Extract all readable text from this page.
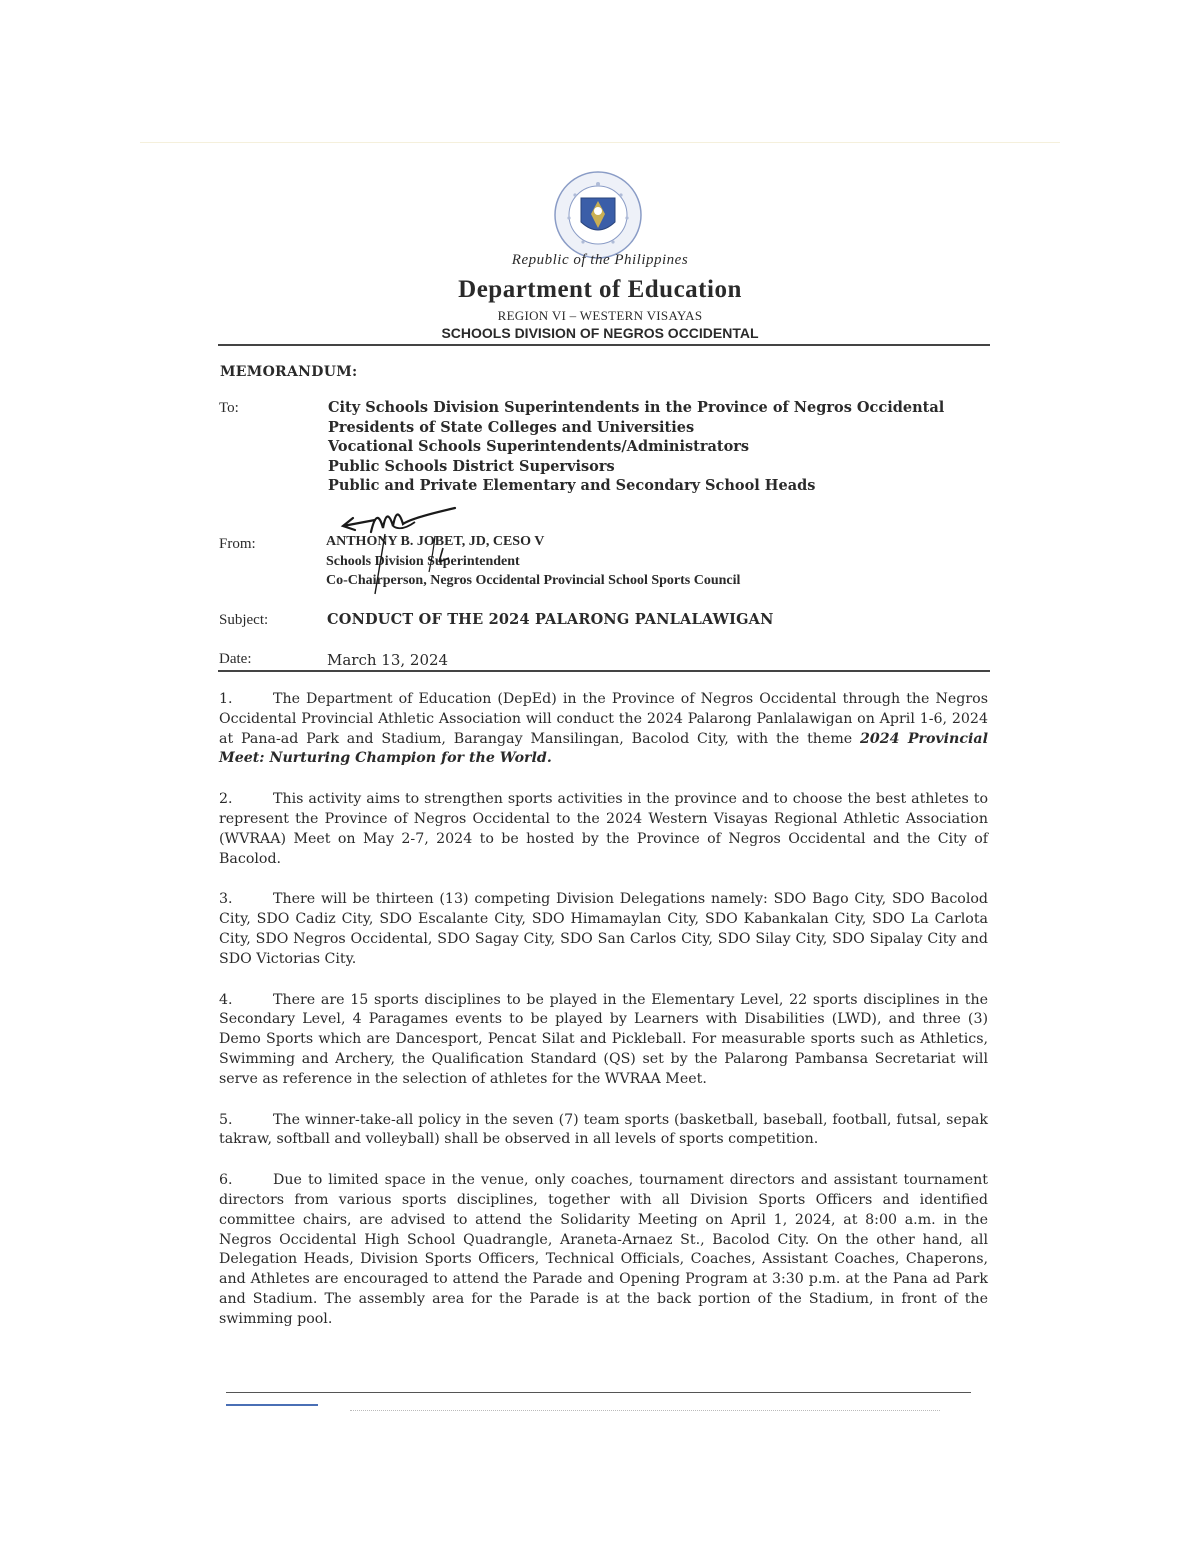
Republic of the Philippines
Department of Education
REGION VI – WESTERN VISAYAS
SCHOOLS DIVISION OF NEGROS OCCIDENTAL
MEMORANDUM:
To:	City Schools Division Superintendents in the Province of Negros Occidental
Presidents of State Colleges and Universities
Vocational Schools Superintendents/Administrators
Public Schools District Supervisors
Public and Private Elementary and Secondary School Heads
From:	ANTHONY B. JOBET, JD, CESO V
Schools Division Superintendent
Co-Chairperson, Negros Occidental Provincial School Sports Council
Subject:	CONDUCT OF THE 2024 PALARONG PANLALAWIGAN
Date:	March 13, 2024

1.	The Department of Education (DepEd) in the Province of Negros Occidental through the Negros Occidental Provincial Athletic Association will conduct the 2024 Palarong Panlalawigan on April 1-6, 2024 at Pana-ad Park and Stadium, Barangay Mansilingan, Bacolod City, with the theme 2024 Provincial Meet: Nurturing Champion for the World.

2.	This activity aims to strengthen sports activities in the province and to choose the best athletes to represent the Province of Negros Occidental to the 2024 Western Visayas Regional Athletic Association (WVRAA) Meet on May 2-7, 2024 to be hosted by the Province of Negros Occidental and the City of Bacolod.

3.	There will be thirteen (13) competing Division Delegations namely: SDO Bago City, SDO Bacolod City, SDO Cadiz City, SDO Escalante City, SDO Himamaylan City, SDO Kabankalan City, SDO La Carlota City, SDO Negros Occidental, SDO Sagay City, SDO San Carlos City, SDO Silay City, SDO Sipalay City and SDO Victorias City.

4.	There are 15 sports disciplines to be played in the Elementary Level, 22 sports disciplines in the Secondary Level, 4 Paragames events to be played by Learners with Disabilities (LWD), and three (3) Demo Sports which are Dancesport, Pencat Silat and Pickleball. For measurable sports such as Athletics, Swimming and Archery, the Qualification Standard (QS) set by the Palarong Pambansa Secretariat will serve as reference in the selection of athletes for the WVRAA Meet.

5.	The winner-take-all policy in the seven (7) team sports (basketball, baseball, football, futsal, sepak takraw, softball and volleyball) shall be observed in all levels of sports competition.

6.	Due to limited space in the venue, only coaches, tournament directors and assistant tournament directors from various sports disciplines, together with all Division Sports Officers and identified committee chairs, are advised to attend the Solidarity Meeting on April 1, 2024, at 8:00 a.m. in the Negros Occidental High School Quadrangle, Araneta-Arnaez St., Bacolod City. On the other hand, all Delegation Heads, Division Sports Officers, Technical Officials, Coaches, Assistant Coaches, Chaperons, and Athletes are encouraged to attend the Parade and Opening Program at 3:30 p.m. at the Pana ad Park and Stadium. The assembly area for the Parade is at the back portion of the Stadium, in front of the swimming pool.
